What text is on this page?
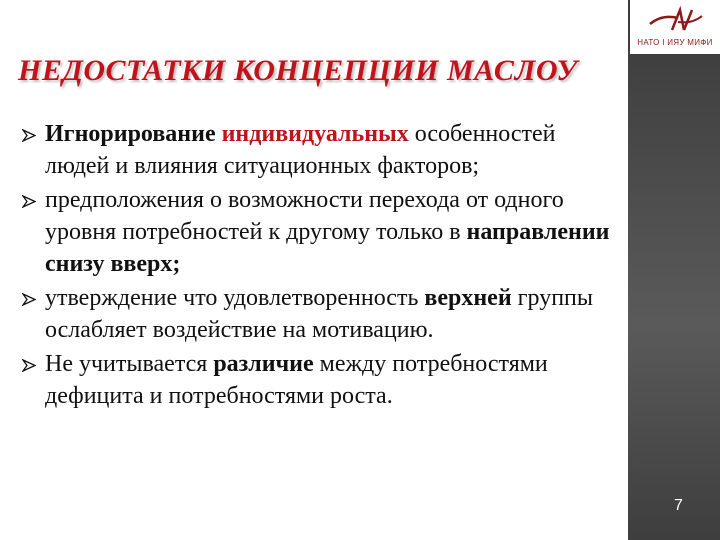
НАТО І ИЯУ МИФИ
НЕДОСТАТКИ КОНЦЕПЦИИ МАСЛОУ
Игнорирование индивидуальных особенностей людей и влияния ситуационных факторов;
предположения о возможности перехода от одного уровня потребностей к другому только в направлении снизу вверх;
утверждение что удовлетворенность верхней группы ослабляет воздействие на мотивацию.
Не учитывается различие между потребностями дефицита и потребностями роста.
7
